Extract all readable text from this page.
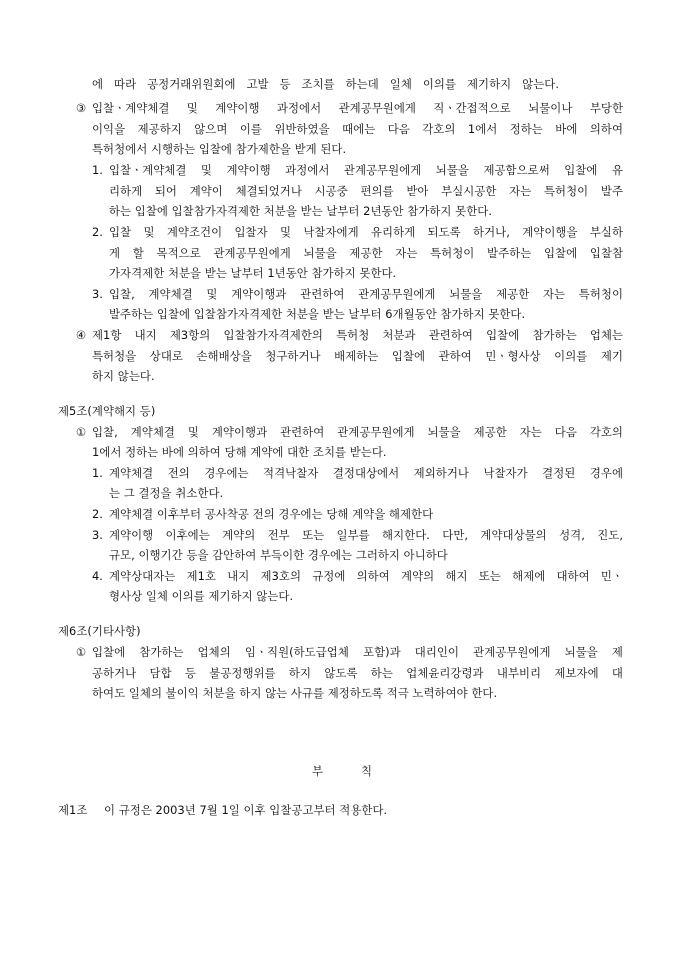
에 따라 공정거래위원회에 고발 등 조치를 하는데 일체 이의를 제기하지 않는다.
③ 입찰ㆍ계약체결 및 계약이행 과정에서 관계공무원에게 직ㆍ간접적으로 뇌물이나 부당한
이익을 제공하지 않으며 이를 위반하였을 때에는 다음 각호의 1에서 정하는 바에 의하여
특허청에서 시행하는 입찰에 참가제한을 받게 된다.
1. 입찰ㆍ계약체결 및 계약이행 과정에서 관계공무원에게 뇌물을 제공함으로써 입찰에 유
리하게 되어 계약이 체결되었거나 시공중 편의를 받아 부실시공한 자는 특허청이 발주
하는 입찰에 입찰참가자격제한 처분을 받는 날부터 2년동안 참가하지 못한다.
2. 입찰 및 계약조건이 입찰자 및 낙찰자에게 유리하게 되도록 하거나, 계약이행을 부실하
게 할 목적으로 관계공무원에게 뇌물을 제공한 자는 특허청이 발주하는 입찰에 입찰참
가자격제한 처분을 받는 날부터 1년동안 참가하지 못한다.
3. 입찰, 계약체결 및 계약이행과 관련하여 관계공무원에게 뇌물을 제공한 자는 특허청이
발주하는 입찰에 입찰참가자격제한 처분을 받는 날부터 6개월동안 참가하지 못한다.
④ 제1항 내지 제3항의 입찰참가자격제한의 특허청 처분과 관련하여 입찰에 참가하는 업체는
특허청을 상대로 손해배상을 청구하거나 배제하는 입찰에 관하여 민ㆍ형사상 이의를 제기
하지 않는다.
제5조(계약해지 등)
① 입찰, 계약체결 및 계약이행과 관련하여 관계공무원에게 뇌물을 제공한 자는 다음 각호의
1에서 정하는 바에 의하여 당해 계약에 대한 조치를 받는다.
1. 계약체결 전의 경우에는 적격낙찰자 결정대상에서 제외하거나 낙찰자가 결정된 경우에
는 그 결정을 취소한다.
2. 계약체결 이후부터 공사착공 전의 경우에는 당해 계약을 해제한다
3. 계약이행 이후에는 계약의 전부 또는 일부를 해지한다. 다만, 계약대상물의 성격, 진도,
규모, 이행기간 등을 감안하여 부득이한 경우에는 그러하지 아니하다
4. 계약상대자는 제1호 내지 제3호의 규정에 의하여 계약의 해지 또는 해제에 대하여 민ㆍ
형사상 일체 이의를 제기하지 않는다.
제6조(기타사항)
① 입찰에 참가하는 업체의 임ㆍ직원(하도급업체 포함)과 대리인이 관계공무원에게 뇌물을 제
공하거나 담합 등 불공정행위를 하지 않도록 하는 업체윤리강령과 내부비리 제보자에 대
하여도 일체의 불이익 처분을 하지 않는 사규를 제정하도록 적극 노력하여야 한다.
부	칙
제1조 이 규정은 2003년 7월 1일 이후 입찰공고부터 적용한다.
